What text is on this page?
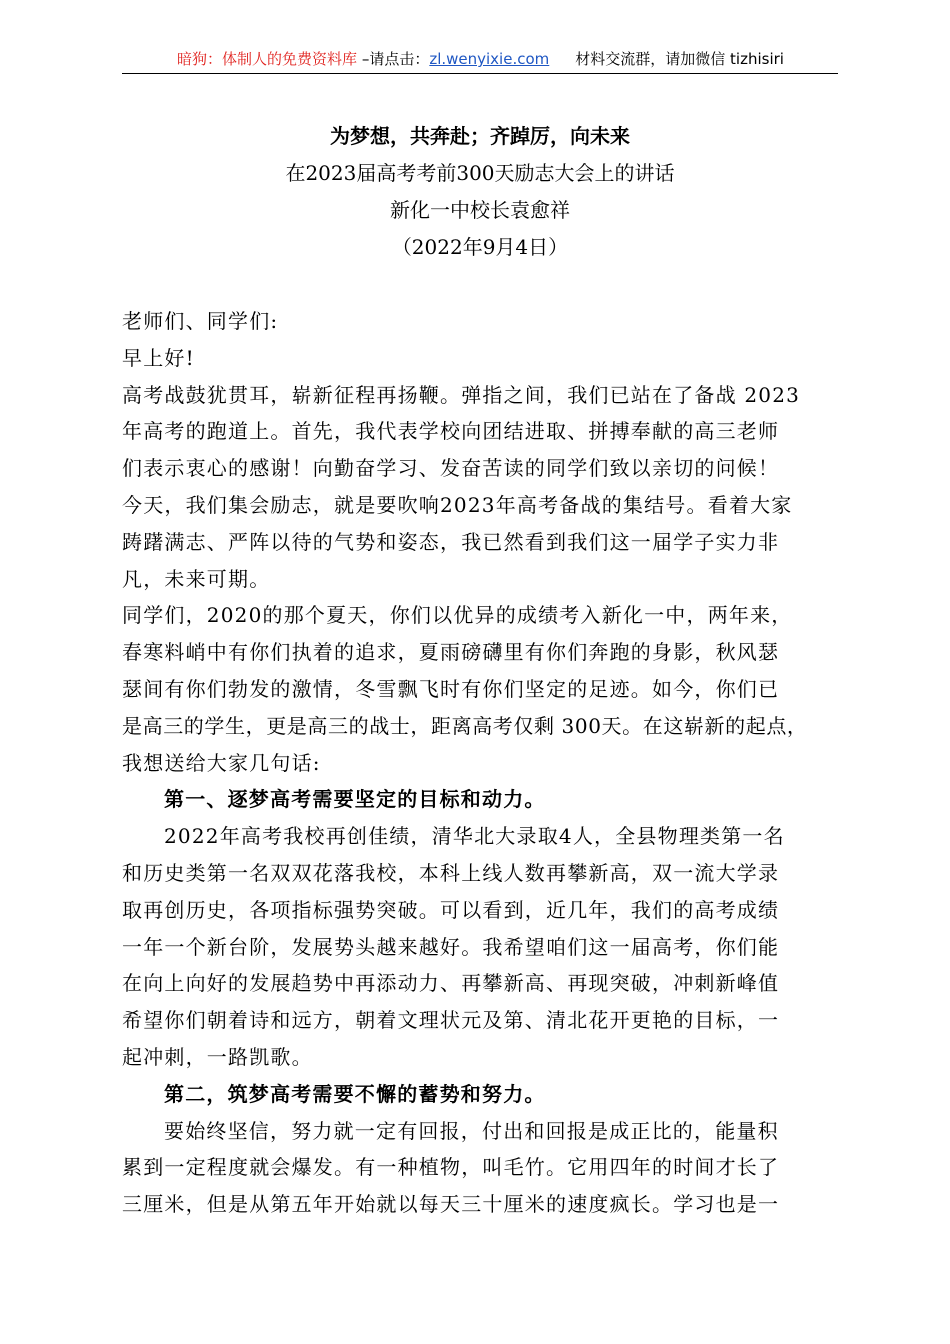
暗狗：体制人的免费资料库 –请点击：zl.wenyixie.com 材料交流群，请加微信 tizhisiri
为梦想，共奔赴；齐踔厉，向未来
在2023届高考考前300天励志大会上的讲话
新化一中校长袁愈祥
（2022年9月4日）
老师们、同学们:
早上好!
高考战鼓犹贯耳，崭新征程再扬鞭。弹指之间，我们已站在了备战 2023
年高考的跑道上。首先，我代表学校向团结进取、拼搏奉献的高三老师
们表示衷心的感谢！向勤奋学习、发奋苦读的同学们致以亲切的问候！
今天，我们集会励志，就是要吹响2023年高考备战的集结号。看着大家
踌躇满志、严阵以待的气势和姿态，我已然看到我们这一届学子实力非
凡，未来可期。
同学们，2020的那个夏天，你们以优异的成绩考入新化一中，两年来，
春寒料峭中有你们执着的追求，夏雨磅礴里有你们奔跑的身影，秋风瑟
瑟间有你们勃发的激情，冬雪飘飞时有你们坚定的足迹。如今，你们已
是高三的学生，更是高三的战士，距离高考仅剩 300天。在这崭新的起点，
我想送给大家几句话:
第一、逐梦高考需要坚定的目标和动力。
2022年高考我校再创佳绩，清华北大录取4人，全县物理类第一名
和历史类第一名双双花落我校，本科上线人数再攀新高，双一流大学录
取再创历史，各项指标强势突破。可以看到，近几年，我们的高考成绩
一年一个新台阶，发展势头越来越好。我希望咱们这一届高考，你们能
在向上向好的发展趋势中再添动力、再攀新高、再现突破，冲刺新峰值
希望你们朝着诗和远方，朝着文理状元及第、清北花开更艳的目标，一
起冲刺，一路凯歌。
第二，筑梦高考需要不懈的蓄势和努力。
要始终坚信，努力就一定有回报，付出和回报是成正比的，能量积
累到一定程度就会爆发。有一种植物，叫毛竹。它用四年的时间才长了
三厘米，但是从第五年开始就以每天三十厘米的速度疯长。学习也是一
